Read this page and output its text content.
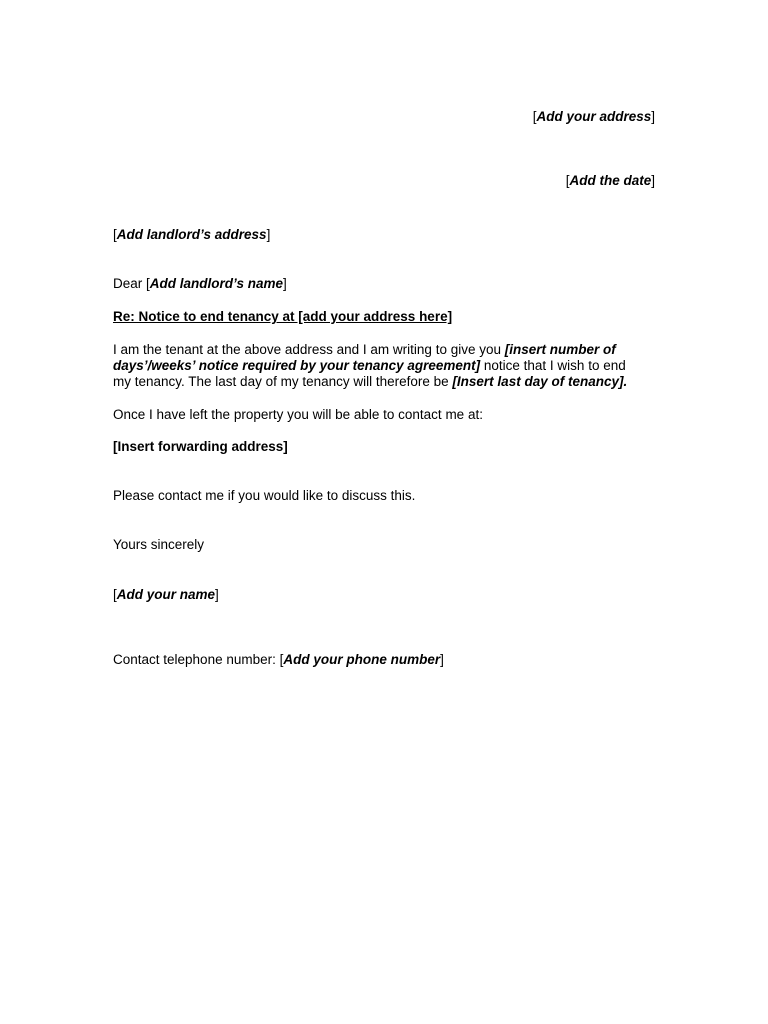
[Add your address]
[Add the date]
[Add landlord’s address]
Dear [Add landlord’s name]
Re: Notice to end tenancy at [add your address here]
I am the tenant at the above address and I am writing to give you [insert number of
days’/weeks’ notice required by your tenancy agreement] notice that I wish to end
my tenancy. The last day of my tenancy will therefore be [Insert last day of tenancy].
Once I have left the property you will be able to contact me at:
[Insert forwarding address]
Please contact me if you would like to discuss this.
Yours sincerely
[Add your name]
Contact telephone number: [Add your phone number]
